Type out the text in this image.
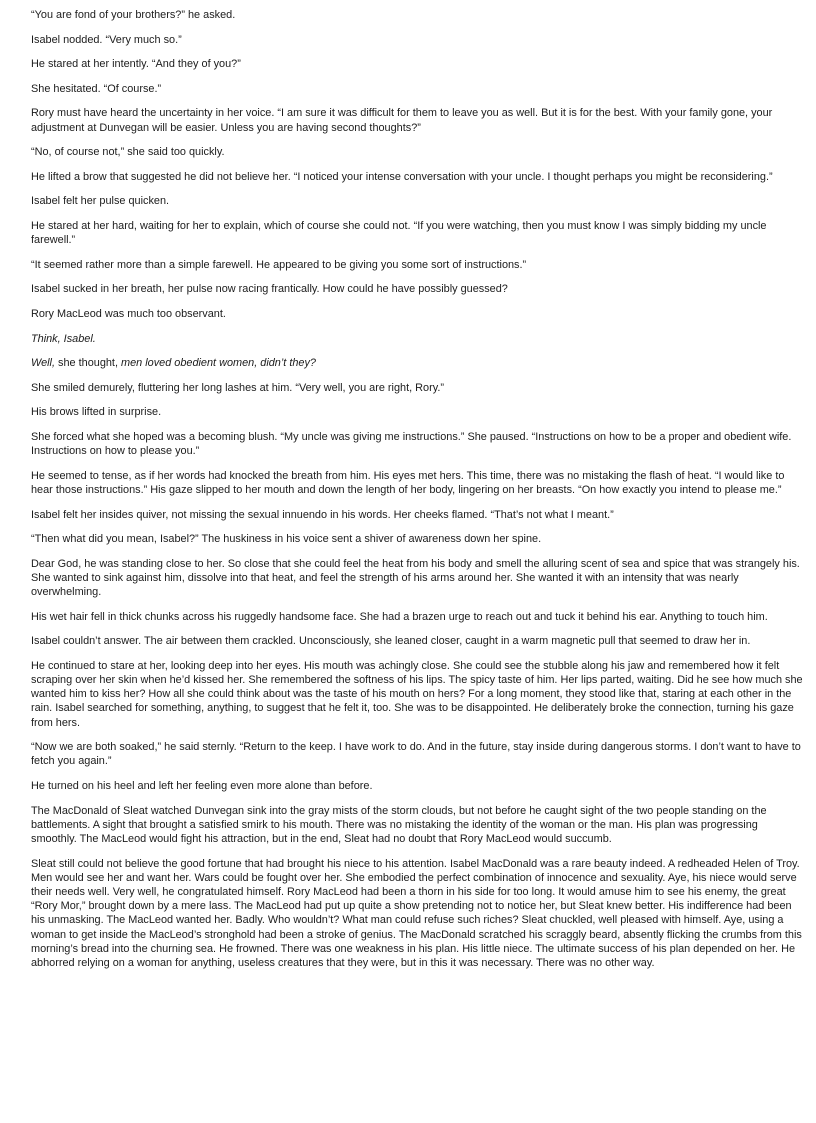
“You are fond of your brothers?” he asked.

Isabel nodded. “Very much so.”

He stared at her intently. “And they of you?”

She hesitated. “Of course.”

Rory must have heard the uncertainty in her voice. “I am sure it was difficult for them to leave you as well. But it is for the best. With your family gone, your adjustment at Dunvegan will be easier. Unless you are having second thoughts?”

“No, of course not,” she said too quickly.

He lifted a brow that suggested he did not believe her. “I noticed your intense conversation with your uncle. I thought perhaps you might be reconsidering.”

Isabel felt her pulse quicken.

He stared at her hard, waiting for her to explain, which of course she could not. “If you were watching, then you must know I was simply bidding my uncle farewell.”

“It seemed rather more than a simple farewell. He appeared to be giving you some sort of instructions.”

Isabel sucked in her breath, her pulse now racing frantically. How could he have possibly guessed?

Rory MacLeod was much too observant.

Think, Isabel.

Well, she thought, men loved obedient women, didn’t they?

She smiled demurely, fluttering her long lashes at him. “Very well, you are right, Rory.”

His brows lifted in surprise.

She forced what she hoped was a becoming blush. “My uncle was giving me instructions.” She paused. “Instructions on how to be a proper and obedient wife. Instructions on how to please you.”

He seemed to tense, as if her words had knocked the breath from him. His eyes met hers. This time, there was no mistaking the flash of heat. “I would like to hear those instructions.” His gaze slipped to her mouth and down the length of her body, lingering on her breasts. “On how exactly you intend to please me.”

Isabel felt her insides quiver, not missing the sexual innuendo in his words. Her cheeks flamed. “That’s not what I meant.”

“Then what did you mean, Isabel?” The huskiness in his voice sent a shiver of awareness down her spine.

Dear God, he was standing close to her. So close that she could feel the heat from his body and smell the alluring scent of sea and spice that was strangely his. She wanted to sink against him, dissolve into that heat, and feel the strength of his arms around her. She wanted it with an intensity that was nearly overwhelming.

His wet hair fell in thick chunks across his ruggedly handsome face. She had a brazen urge to reach out and tuck it behind his ear. Anything to touch him.

Isabel couldn’t answer. The air between them crackled. Unconsciously, she leaned closer, caught in a warm magnetic pull that seemed to draw her in.

He continued to stare at her, looking deep into her eyes. His mouth was achingly close. She could see the stubble along his jaw and remembered how it felt scraping over her skin when he’d kissed her. She remembered the softness of his lips. The spicy taste of him. Her lips parted, waiting. Did he see how much she wanted him to kiss her? How all she could think about was the taste of his mouth on hers? For a long moment, they stood like that, staring at each other in the rain. Isabel searched for something, anything, to suggest that he felt it, too. She was to be disappointed. He deliberately broke the connection, turning his gaze from hers.

“Now we are both soaked,” he said sternly. “Return to the keep. I have work to do. And in the future, stay inside during dangerous storms. I don’t want to have to fetch you again.”

He turned on his heel and left her feeling even more alone than before.

The MacDonald of Sleat watched Dunvegan sink into the gray mists of the storm clouds, but not before he caught sight of the two people standing on the battlements. A sight that brought a satisfied smirk to his mouth. There was no mistaking the identity of the woman or the man. His plan was progressing smoothly. The MacLeod would fight his attraction, but in the end, Sleat had no doubt that Rory MacLeod would succumb.

Sleat still could not believe the good fortune that had brought his niece to his attention. Isabel MacDonald was a rare beauty indeed. A redheaded Helen of Troy. Men would see her and want her. Wars could be fought over her. She embodied the perfect combination of innocence and sexuality. Aye, his niece would serve their needs well. Very well, he congratulated himself. Rory MacLeod had been a thorn in his side for too long. It would amuse him to see his enemy, the great “Rory Mor,” brought down by a mere lass. The MacLeod had put up quite a show pretending not to notice her, but Sleat knew better. His indifference had been his unmasking. The MacLeod wanted her. Badly. Who wouldn’t? What man could refuse such riches? Sleat chuckled, well pleased with himself. Aye, using a woman to get inside the MacLeod’s stronghold had been a stroke of genius. The MacDonald scratched his scraggly beard, absently flicking the crumbs from this morning’s bread into the churning sea. He frowned. There was one weakness in his plan. His little niece. The ultimate success of his plan depended on her. He abhorred relying on a woman for anything, useless creatures that they were, but in this it was necessary. There was no other way.
